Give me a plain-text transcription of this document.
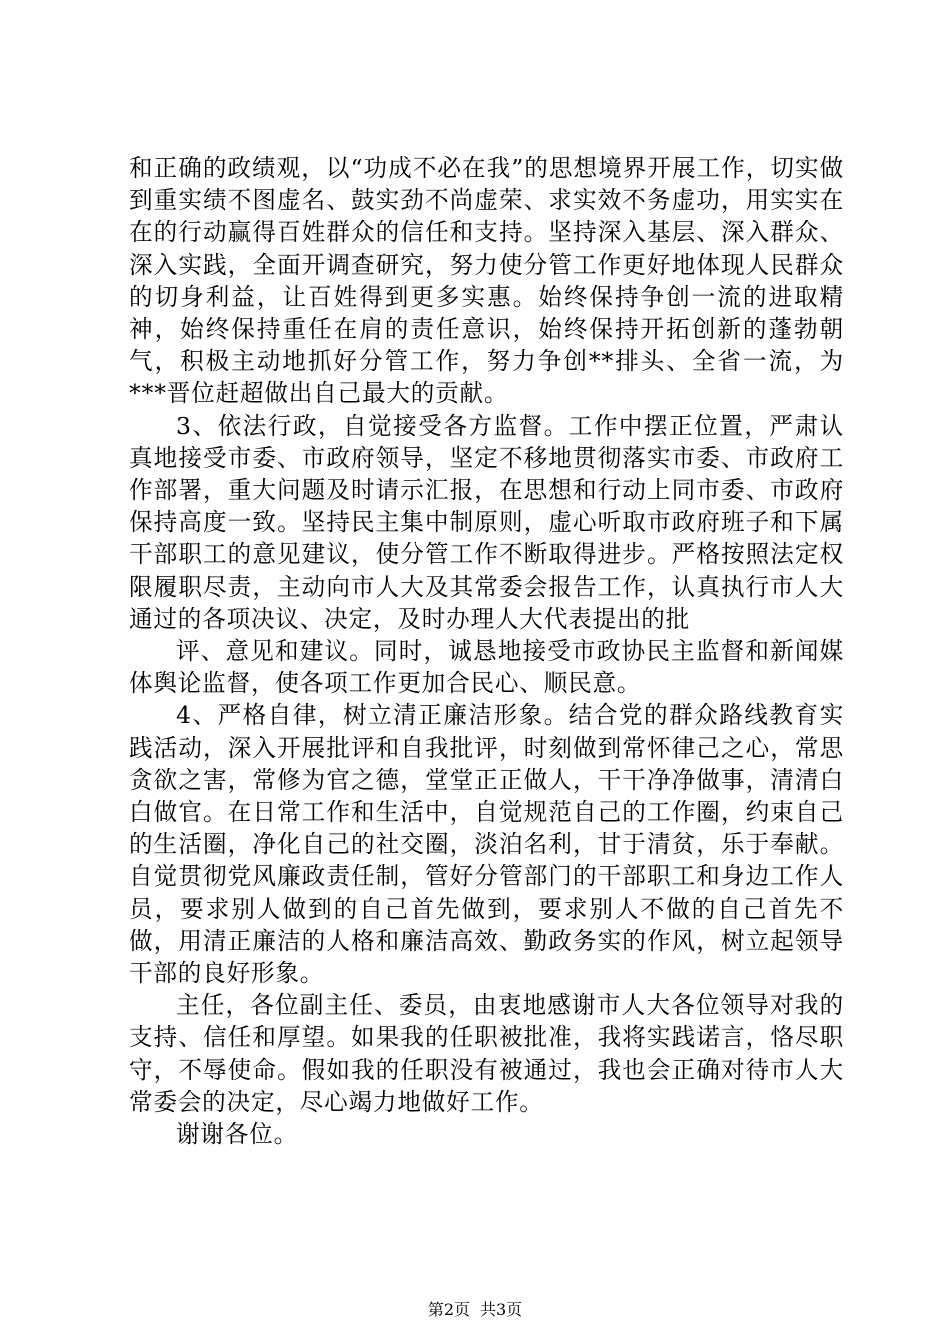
和正确的政绩观，以“功成不必在我”的思想境界开展工作，切实做到重实绩不图虚名、鼓实劲不尚虚荣、求实效不务虚功，用实实在在的行动赢得百姓群众的信任和支持。坚持深入基层、深入群众、深入实践，全面开调查研究，努力使分管工作更好地体现人民群众的切身利益，让百姓得到更多实惠。始终保持争创一流的进取精神，始终保持重任在肩的责任意识，始终保持开拓创新的蓬勃朝气，积极主动地抓好分管工作，努力争创**排头、全省一流，为***晋位赶超做出自己最大的贡献。

3、依法行政，自觉接受各方监督。工作中摆正位置，严肃认真地接受市委、市政府领导，坚定不移地贯彻落实市委、市政府工作部署，重大问题及时请示汇报，在思想和行动上同市委、市政府保持高度一致。坚持民主集中制原则，虚心听取市政府班子和下属干部职工的意见建议，使分管工作不断取得进步。严格按照法定权限履职尽责，主动向市人大及其常委会报告工作，认真执行市人大通过的各项决议、决定，及时办理人大代表提出的批

评、意见和建议。同时，诚恳地接受市政协民主监督和新闻媒体舆论监督，使各项工作更加合民心、顺民意。

4、严格自律，树立清正廉洁形象。结合党的群众路线教育实践活动，深入开展批评和自我批评，时刻做到常怀律己之心，常思贪欲之害，常修为官之德，堂堂正正做人，干干净净做事，清清白白做官。在日常工作和生活中，自觉规范自己的工作圈，约束自己的生活圈，净化自己的社交圈，淡泊名利，甘于清贫，乐于奉献。自觉贯彻党风廉政责任制，管好分管部门的干部职工和身边工作人员，要求别人做到的自己首先做到，要求别人不做的自己首先不做，用清正廉洁的人格和廉洁高效、勤政务实的作风，树立起领导干部的良好形象。

主任，各位副主任、委员，由衷地感谢市人大各位领导对我的支持、信任和厚望。如果我的任职被批准，我将实践诺言，恪尽职守，不辱使命。假如我的任职没有被通过，我也会正确对待市人大常委会的决定，尽心竭力地做好工作。

谢谢各位。

第2页 共3页
